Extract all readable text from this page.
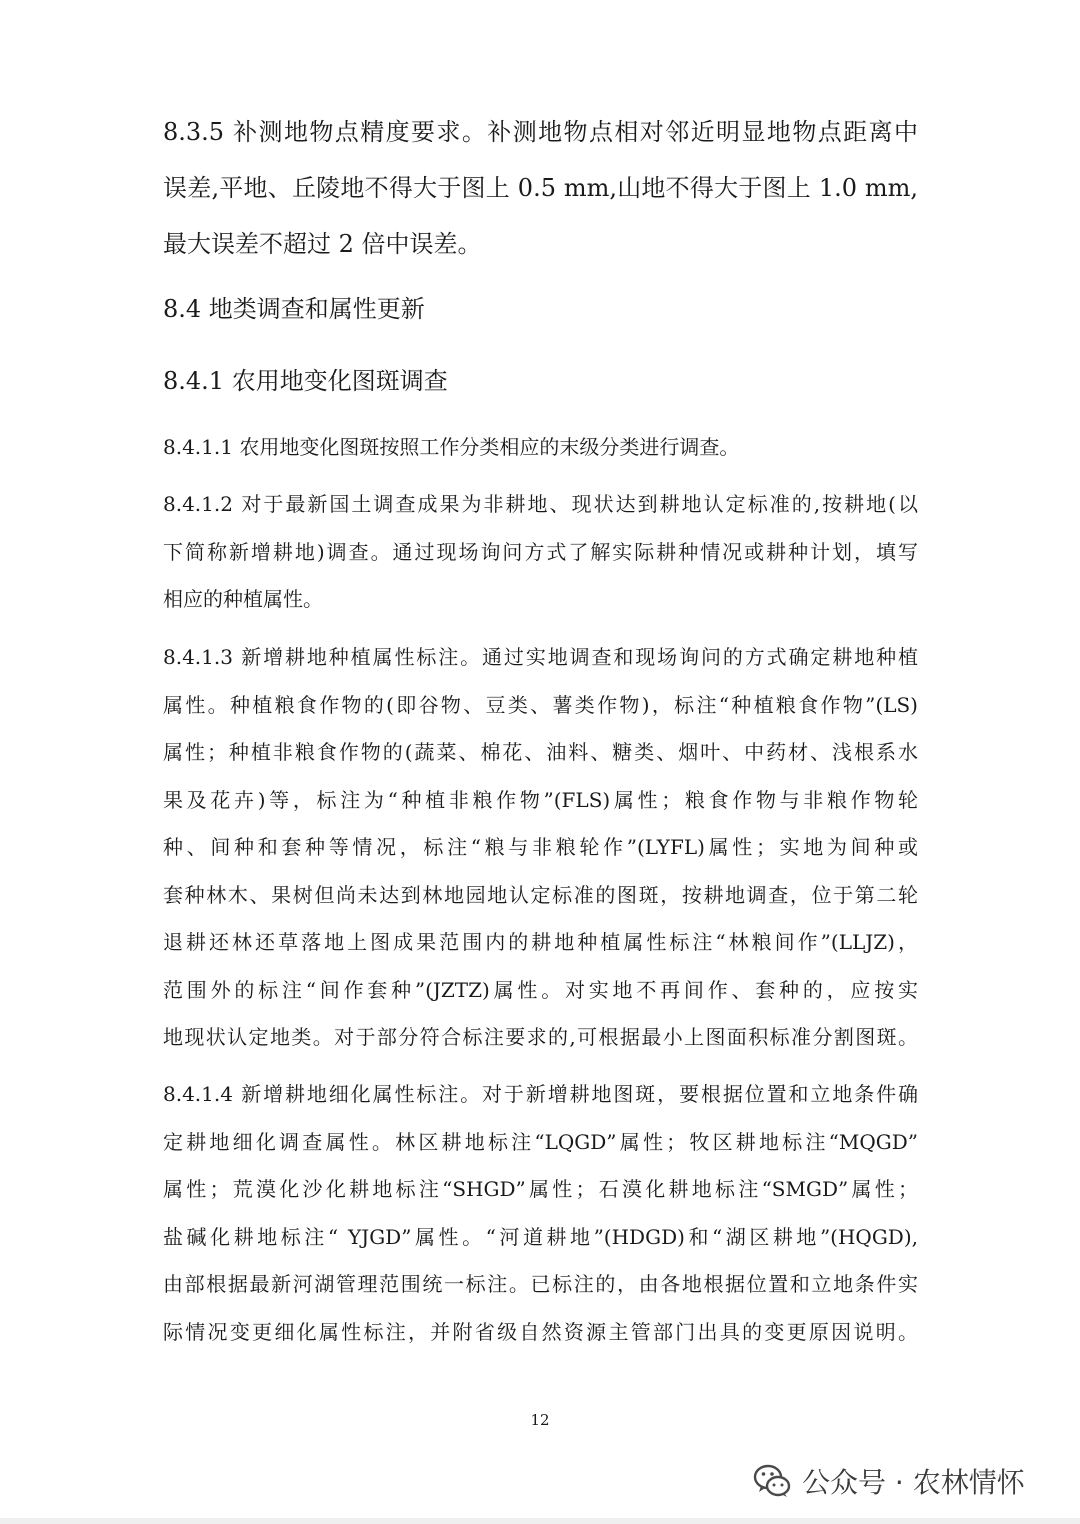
8.3.5 补测地物点精度要求。补测地物点相对邻近明显地物点距离中
误差,平地、丘陵地不得大于图上 0.5 mm,山地不得大于图上 1.0 mm,
最大误差不超过 2 倍中误差。
8.4 地类调查和属性更新
8.4.1 农用地变化图斑调查
8.4.1.1 农用地变化图斑按照工作分类相应的末级分类进行调查。
8.4.1.2 对于最新国土调查成果为非耕地、现状达到耕地认定标准的,按耕地(以
下简称新增耕地)调查。通过现场询问方式了解实际耕种情况或耕种计划，填写
相应的种植属性。
8.4.1.3 新增耕地种植属性标注。通过实地调查和现场询问的方式确定耕地种植
属性。种植粮食作物的(即谷物、豆类、薯类作物)，标注“种植粮食作物”(LS)
属性；种植非粮食作物的(蔬菜、棉花、油料、糖类、烟叶、中药材、浅根系水
果及花卉)等，标注为“种植非粮作物”(FLS)属性；粮食作物与非粮作物轮
种、间种和套种等情况，标注“粮与非粮轮作”(LYFL)属性；实地为间种或
套种林木、果树但尚未达到林地园地认定标准的图斑，按耕地调查，位于第二轮
退耕还林还草落地上图成果范围内的耕地种植属性标注“林粮间作”(LLJZ)，
范围外的标注“间作套种”(JZTZ)属性。对实地不再间作、套种的，应按实
地现状认定地类。对于部分符合标注要求的,可根据最小上图面积标准分割图斑。
8.4.1.4 新增耕地细化属性标注。对于新增耕地图斑，要根据位置和立地条件确
定耕地细化调查属性。林区耕地标注“LQGD”属性；牧区耕地标注“MQGD”
属性；荒漠化沙化耕地标注“SHGD”属性；石漠化耕地标注“SMGD”属性；
盐碱化耕地标注“ YJGD”属性。“河道耕地”(HDGD)和“湖区耕地”(HQGD),
由部根据最新河湖管理范围统一标注。已标注的，由各地根据位置和立地条件实
际情况变更细化属性标注，并附省级自然资源主管部门出具的变更原因说明。
12
公众号 · 农林情怀
